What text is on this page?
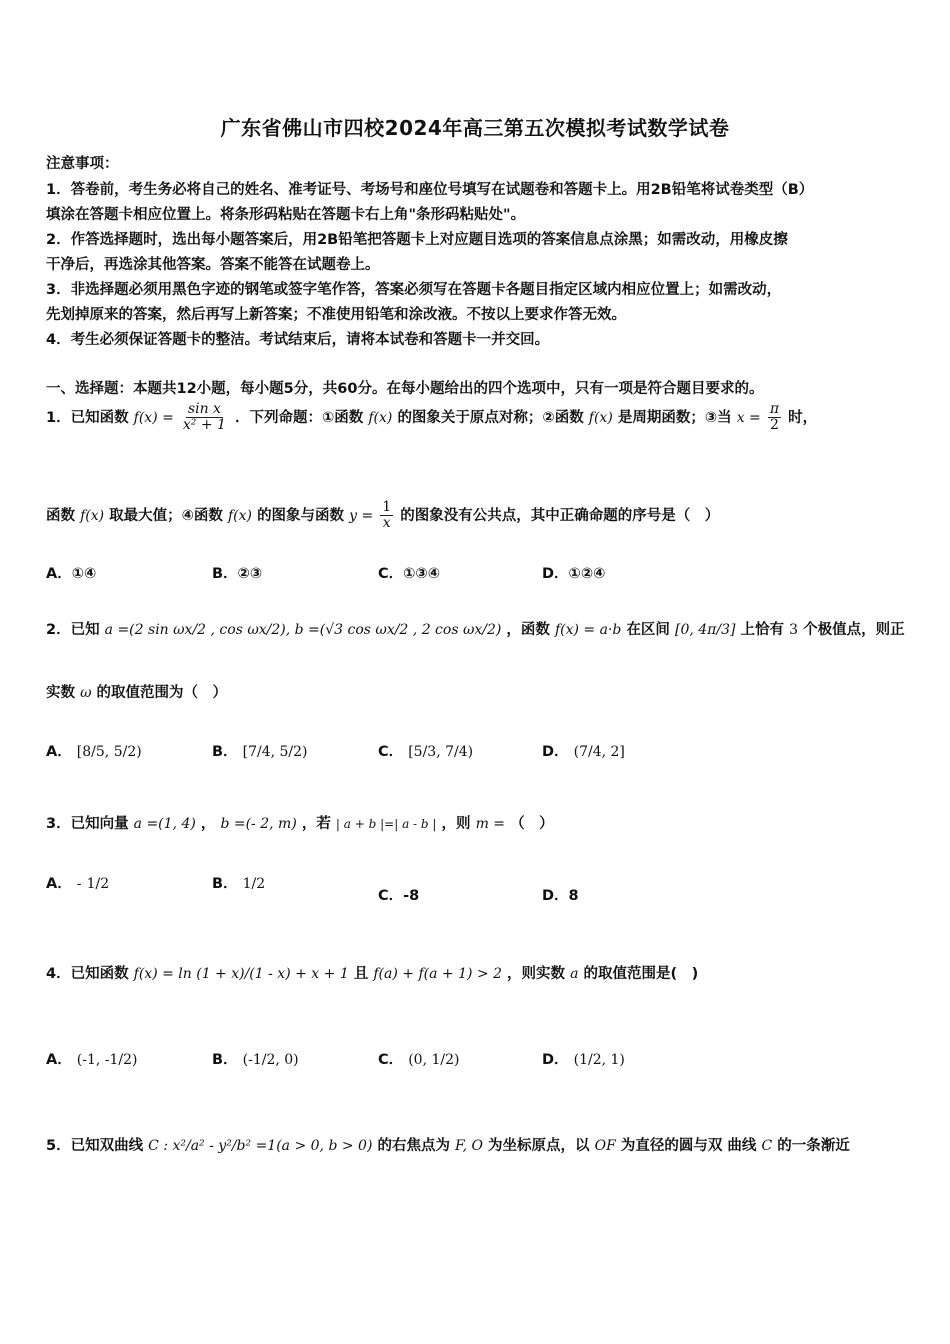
广东省佛山市四校2024年高三第五次模拟考试数学试卷
注意事项：
1．答卷前，考生务必将自己的姓名、准考证号、考场号和座位号填写在试题卷和答题卡上。用2B铅笔将试卷类型（B）
填涂在答题卡相应位置上。将条形码粘贴在答题卡右上角"条形码粘贴处"。
2．作答选择题时，选出每小题答案后，用2B铅笔把答题卡上对应题目选项的答案信息点涂黑；如需改动，用橡皮擦
干净后，再选涂其他答案。答案不能答在试题卷上。
3．非选择题必须用黑色字迹的钢笔或签字笔作答，答案必须写在答题卡各题目指定区域内相应位置上；如需改动，
先划掉原来的答案，然后再写上新答案；不准使用铅笔和涂改液。不按以上要求作答无效。
4．考生必须保证答题卡的整洁。考试结束后，请将本试卷和答题卡一并交回。
一、选择题：本题共12小题，每小题5分，共60分。在每小题给出的四个选项中，只有一项是符合题目要求的。
1．已知函数 $f(x) = \frac{\text{sin x}}{\text{x² + 1}}$ ．下列命题：①函数 f(x) 的图象关于原点对称；②函数 f(x) 是周期函数；③当 $x = \frac{\pi}{2}$ 时，
函数 f(x) 取最大值；④函数 f(x) 的图象与函数 $y = \frac{1}{x}$ 的图象没有公共点，其中正确命题的序号是（　）
A．①④	B．②③	C．①③④	D．①②④
2．已知 a =(2 sin ωx/2 , cos ωx/2), b =(√3 cos ωx/2 , 2 cos ωx/2) ，函数 f(x) = a·b 在区间 [0, 4π/3] 上恰有 3 个极值点，则正
实数 ω 的取值范围为（　）
A． [8/5, 5/2)	B． [7/4, 5/2)	C． [5/3, 7/4)	D． (7/4, 2]
3．已知向量 a =(1, 4) ， b =(- 2, m) ，若 | a + b |=| a - b | ，则 m = （　）
A． - 1/2	B． 1/2
C．-8	D．8
4．已知函数 f(x) = ln (1 + x)/(1 - x) + x + 1 且 f(a) + f(a + 1) > 2 ，则实数 a 的取值范围是(　)
A． (-1, -1/2)	B． (-1/2, 0)	C． (0, 1/2)	D． (1/2, 1)
5．已知双曲线 C : x²/a² - y²/b² =1(a > 0, b > 0) 的右焦点为 F, O 为坐标原点，以 OF 为直径的圆与双 曲线 C 的一条渐近
